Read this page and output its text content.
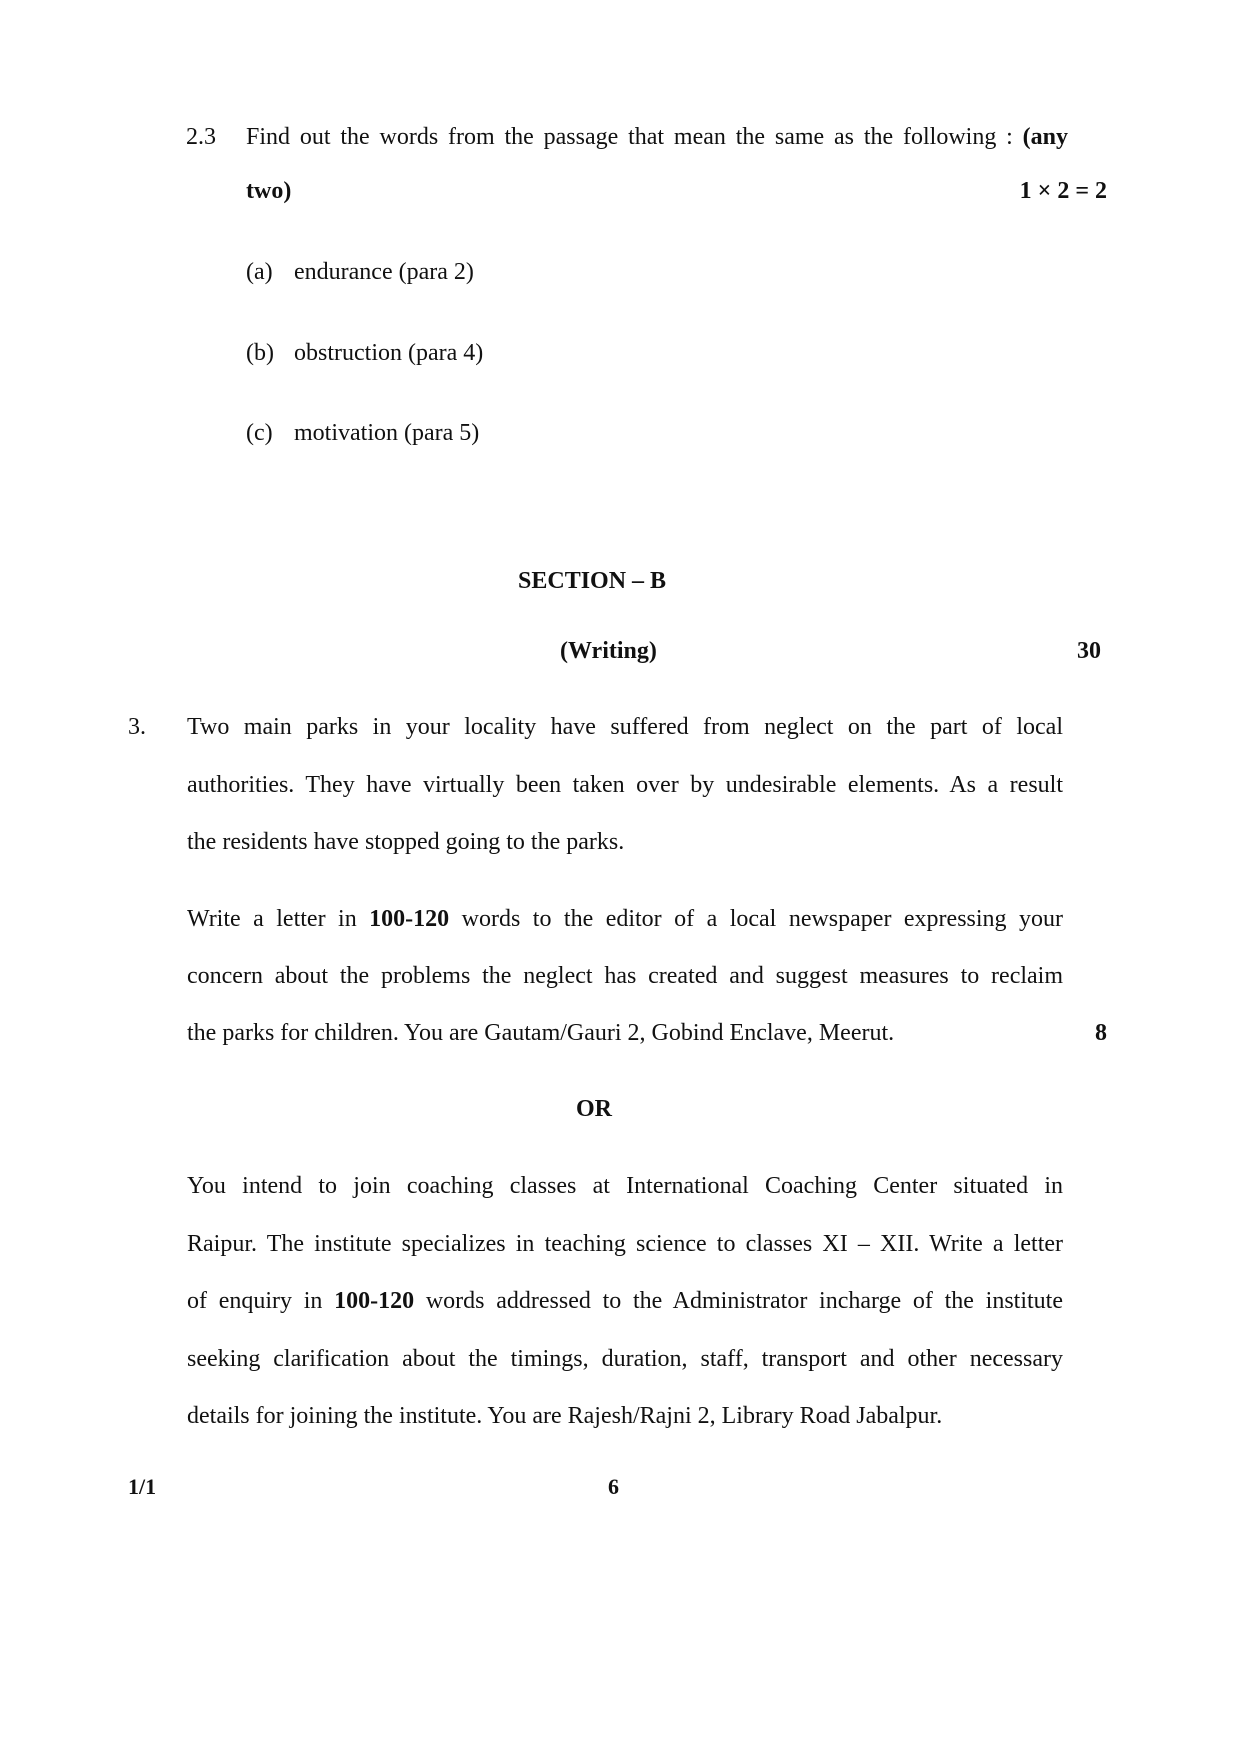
2.3 Find out the words from the passage that mean the same as the following : (any
two)	1 × 2 = 2
(a) endurance (para 2)
(b) obstruction (para 4)
(c) motivation (para 5)
SECTION – B
(Writing)	30
3. Two main parks in your locality have suffered from neglect on the part of local
authorities. They have virtually been taken over by undesirable elements. As a result
the residents have stopped going to the parks.
Write a letter in 100-120 words to the editor of a local newspaper expressing your
concern about the problems the neglect has created and suggest measures to reclaim
the parks for children. You are Gautam/Gauri 2, Gobind Enclave, Meerut.	8
OR
You intend to join coaching classes at International Coaching Center situated in
Raipur. The institute specializes in teaching science to classes XI – XII. Write a letter
of enquiry in 100-120 words addressed to the Administrator incharge of the institute
seeking clarification about the timings, duration, staff, transport and other necessary
details for joining the institute. You are Rajesh/Rajni 2, Library Road Jabalpur.
1/1	6
